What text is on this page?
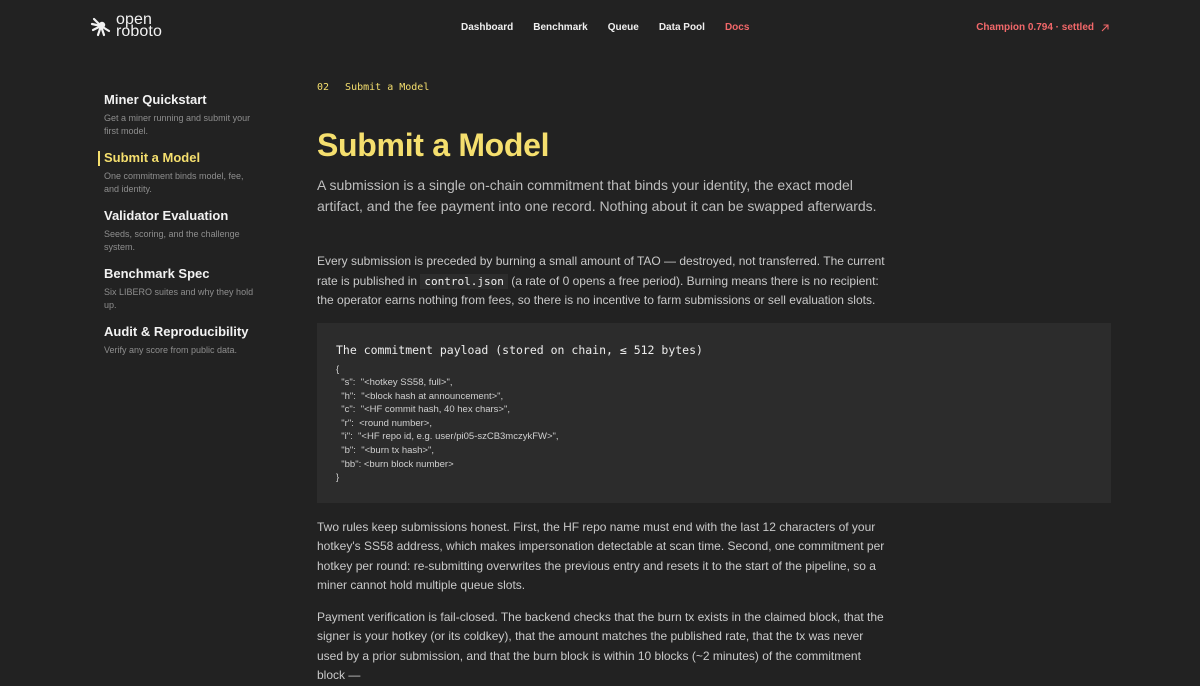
open
roboto	Dashboard Benchmark Queue Data Pool Docs	Champion 0.794 · settled
Miner Quickstart
Get a miner running and submit your first model.
Submit a Model
One commitment binds model, fee, and identity.
Validator Evaluation
Seeds, scoring, and the challenge system.
Benchmark Spec
Six LIBERO suites and why they hold up.
Audit & Reproducibility
Verify any score from public data.
02 Submit a Model
Submit a Model

A submission is a single on-chain commitment that binds your identity, the exact model artifact, and the fee payment into one record. Nothing about it can be swapped afterwards.

Every submission is preceded by burning a small amount of TAO — destroyed, not transferred. The current rate is published in control.json (a rate of 0 opens a free period). Burning means there is no recipient: the operator earns nothing from fees, so there is no incentive to farm submissions or sell evaluation slots.

The commitment payload (stored on chain, ≤ 512 bytes)
{
"s":  "<hotkey SS58, full>",
"h":  "<block hash at announcement>",
"c":  "<HF commit hash, 40 hex chars>",
"r":  <round number>,
"i":  "<HF repo id, e.g. user/pi05-szCB3mczykFW>",
"b":  "<burn tx hash>",
"bb": <burn block number>
}

Two rules keep submissions honest. First, the HF repo name must end with the last 12 characters of your hotkey's SS58 address, which makes impersonation detectable at scan time. Second, one commitment per hotkey per round: re-submitting overwrites the previous entry and resets it to the start of the pipeline, so a miner cannot hold multiple queue slots.

Payment verification is fail-closed. The backend checks that the burn tx exists in the claimed block, that the signer is your hotkey (or its coldkey), that the amount matches the published rate, that the tx was never used by a prior submission, and that the burn block is within 10 blocks (~2 minutes) of the commitment block —
